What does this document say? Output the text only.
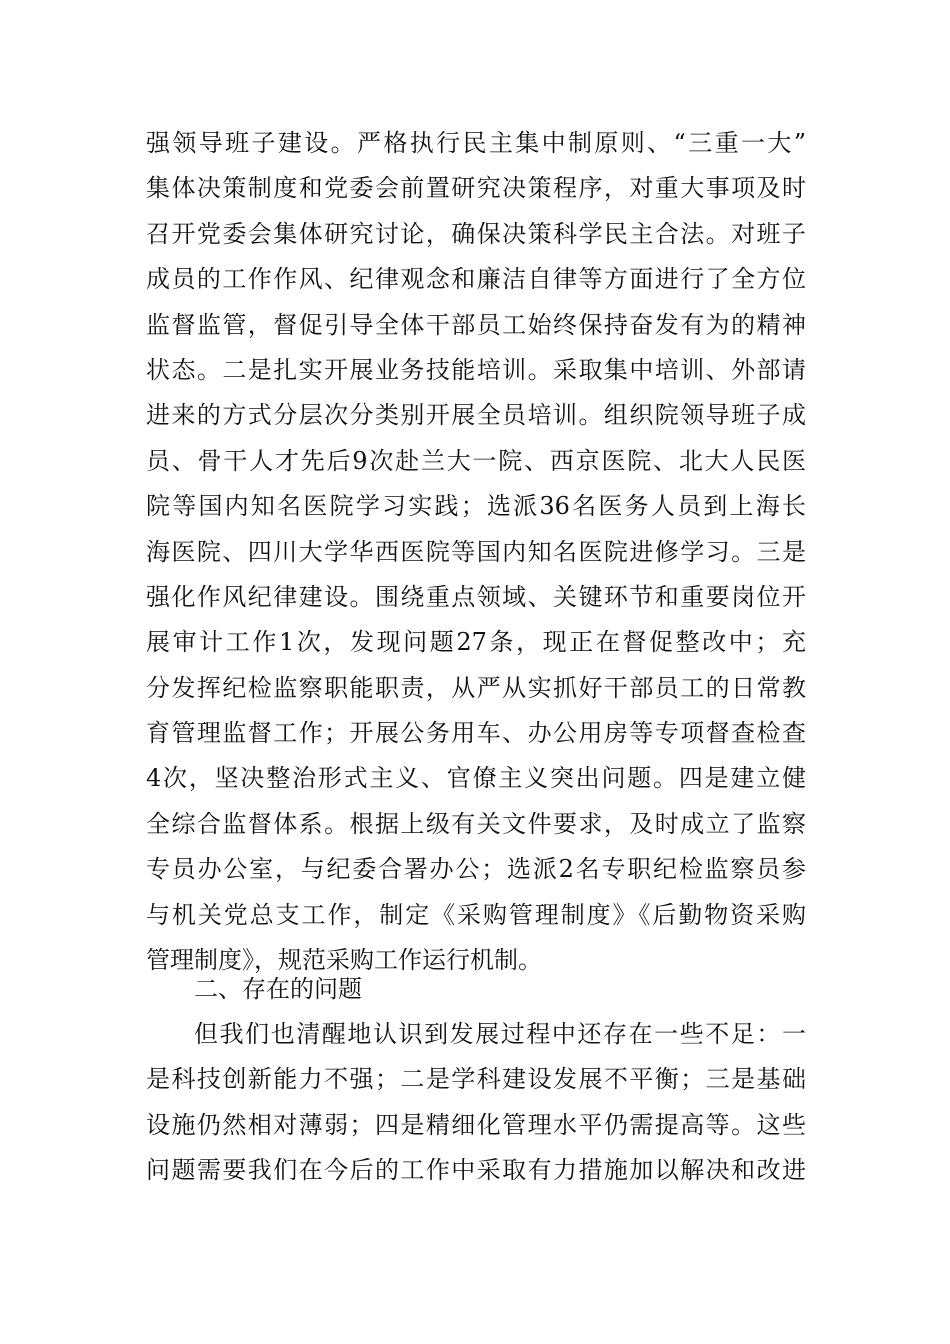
强领导班子建设。严格执行民主集中制原则、“三重一大”
集体决策制度和党委会前置研究决策程序，对重大事项及时
召开党委会集体研究讨论，确保决策科学民主合法。对班子
成员的工作作风、纪律观念和廉洁自律等方面进行了全方位
监督监管，督促引导全体干部员工始终保持奋发有为的精神
状态。二是扎实开展业务技能培训。采取集中培训、外部请
进来的方式分层次分类别开展全员培训。组织院领导班子成
员、骨干人才先后9次赴兰大一院、西京医院、北大人民医
院等国内知名医院学习实践；选派36名医务人员到上海长
海医院、四川大学华西医院等国内知名医院进修学习。三是
强化作风纪律建设。围绕重点领域、关键环节和重要岗位开
展审计工作1次，发现问题27条，现正在督促整改中；充
分发挥纪检监察职能职责，从严从实抓好干部员工的日常教
育管理监督工作；开展公务用车、办公用房等专项督查检查
4次，坚决整治形式主义、官僚主义突出问题。四是建立健
全综合监督体系。根据上级有关文件要求，及时成立了监察
专员办公室，与纪委合署办公；选派2名专职纪检监察员参
与机关党总支工作，制定《采购管理制度》《后勤物资采购
管理制度》，规范采购工作运行机制。
二、存在的问题
但我们也清醒地认识到发展过程中还存在一些不足：一
是科技创新能力不强；二是学科建设发展不平衡；三是基础
设施仍然相对薄弱；四是精细化管理水平仍需提高等。这些
问题需要我们在今后的工作中采取有力措施加以解决和改进
